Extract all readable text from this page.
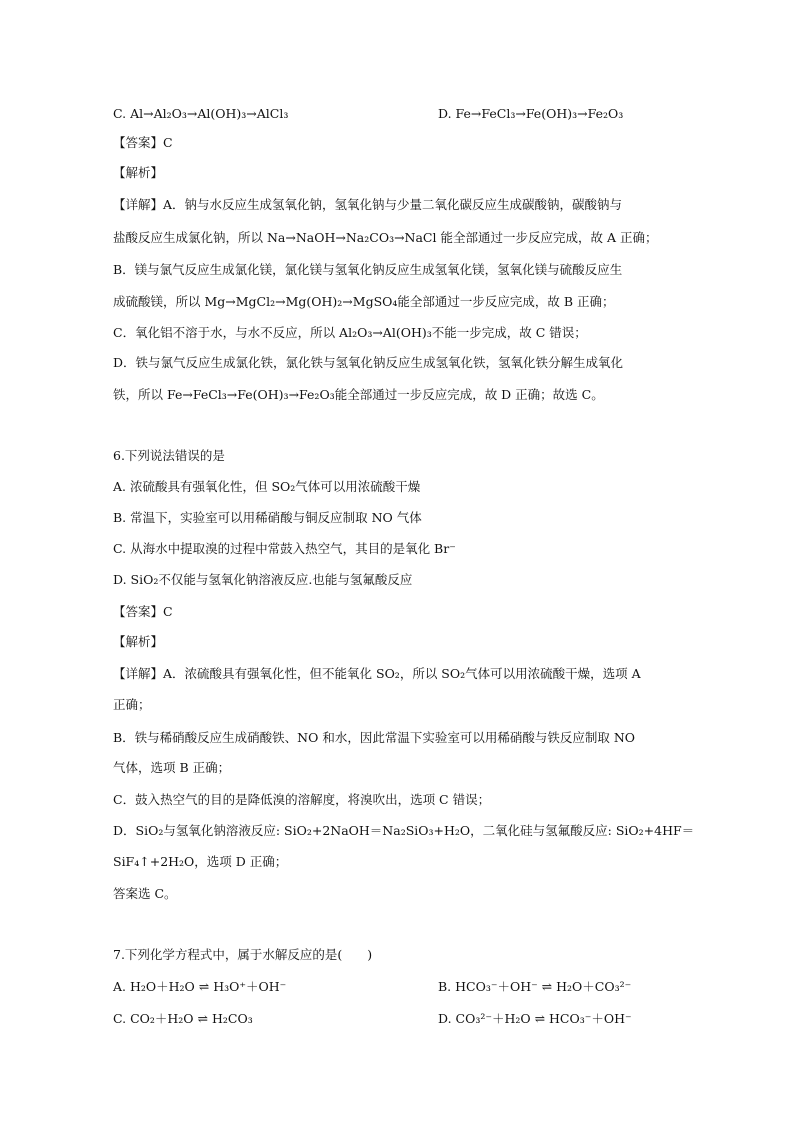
C. Al→Al₂O₃→Al(OH)₃→AlCl₃	D. Fe→FeCl₃→Fe(OH)₃→Fe₂O₃
【答案】C
【解析】
【详解】A．钠与水反应生成氢氧化钠，氢氧化钠与少量二氧化碳反应生成碳酸钠，碳酸钠与
盐酸反应生成氯化钠，所以 Na→NaOH→Na₂CO₃→NaCl 能全部通过一步反应完成，故 A 正确；
B．镁与氯气反应生成氯化镁，氯化镁与氢氧化钠反应生成氢氧化镁，氢氧化镁与硫酸反应生
成硫酸镁，所以 Mg→MgCl₂→Mg(OH)₂→MgSO₄能全部通过一步反应完成，故 B 正确；
C．氧化铝不溶于水，与水不反应，所以 Al₂O₃→Al(OH)₃不能一步完成，故 C 错误；
D．铁与氯气反应生成氯化铁，氯化铁与氢氧化钠反应生成氢氧化铁，氢氧化铁分解生成氧化
铁，所以 Fe→FeCl₃→Fe(OH)₃→Fe₂O₃能全部通过一步反应完成，故 D 正确；故选 C。
6.下列说法错误的是
A. 浓硫酸具有强氧化性，但 SO₂气体可以用浓硫酸干燥
B. 常温下，实验室可以用稀硝酸与铜反应制取 NO 气体
C. 从海水中提取溴的过程中常鼓入热空气，其目的是氧化 Br⁻
D. SiO₂不仅能与氢氧化钠溶液反应.也能与氢氟酸反应
【答案】C
【解析】
【详解】A．浓硫酸具有强氧化性，但不能氧化 SO₂，所以 SO₂气体可以用浓硫酸干燥，选项 A
正确；
B．铁与稀硝酸反应生成硝酸铁、NO 和水，因此常温下实验室可以用稀硝酸与铁反应制取 NO
气体，选项 B 正确；
C．鼓入热空气的目的是降低溴的溶解度，将溴吹出，选项 C 错误；
D．SiO₂与氢氧化钠溶液反应: SiO₂+2NaOH＝Na₂SiO₃+H₂O，二氧化硅与氢氟酸反应: SiO₂+4HF＝
SiF₄↑+2H₂O，选项 D 正确；
答案选 C。
7.下列化学方程式中，属于水解反应的是(　　)
A. H₂O＋H₂O ⇌ H₃O⁺＋OH⁻	B. HCO₃⁻＋OH⁻ ⇌ H₂O＋CO₃²⁻
C. CO₂＋H₂O ⇌ H₂CO₃	D. CO₃²⁻＋H₂O ⇌ HCO₃⁻＋OH⁻
